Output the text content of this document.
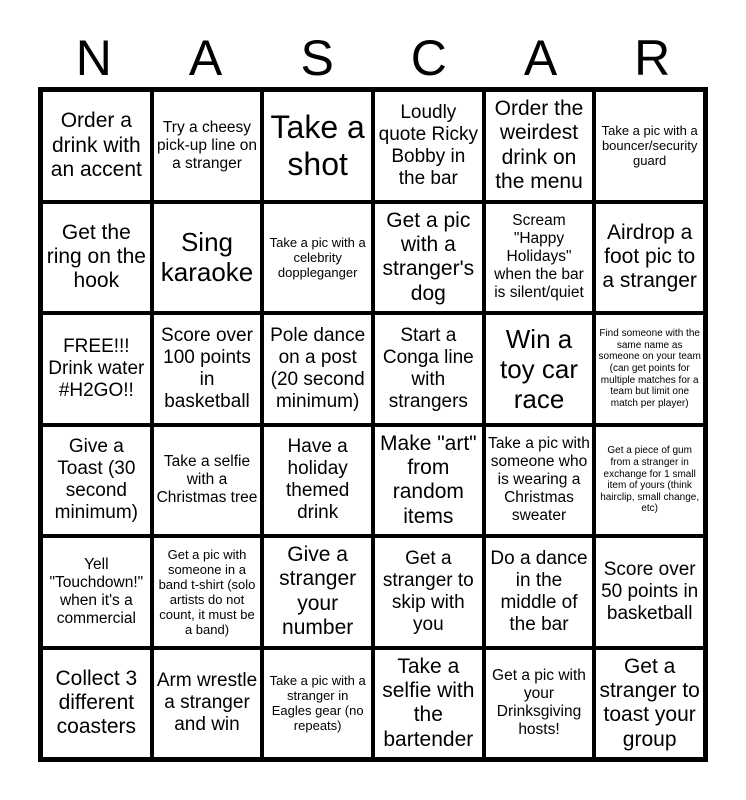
N	A	S	C	A	R
Order a drink with an accent
Try a cheesy pick-up line on a stranger
Take a shot
Loudly quote Ricky Bobby in the bar
Order the weirdest drink on the menu
Take a pic with a bouncer/security guard
Get the ring on the hook
Sing karaoke
Take a pic with a celebrity doppleganger
Get a pic with a stranger's dog
Scream "Happy Holidays" when the bar is silent/quiet
Airdrop a foot pic to a stranger
FREE!!! Drink water #H2GO!!
Score over 100 points in basketball
Pole dance on a post (20 second minimum)
Start a Conga line with strangers
Win a toy car race
Find someone with the same name as someone on your team (can get points for multiple matches for a team but limit one match per player)
Give a Toast (30 second minimum)
Take a selfie with a Christmas tree
Have a holiday themed drink
Make "art" from random items
Take a pic with someone who is wearing a Christmas sweater
Get a piece of gum from a stranger in exchange for 1 small item of yours (think hairclip, small change, etc)
Yell "Touchdown!" when it's a commercial
Get a pic with someone in a band t-shirt (solo artists do not count, it must be a band)
Give a stranger your number
Get a stranger to skip with you
Do a dance in the middle of the bar
Score over 50 points in basketball
Collect 3 different coasters
Arm wrestle a stranger and win
Take a pic with a stranger in Eagles gear (no repeats)
Take a selfie with the bartender
Get a pic with your Drinksgiving hosts!
Get a stranger to toast your group
